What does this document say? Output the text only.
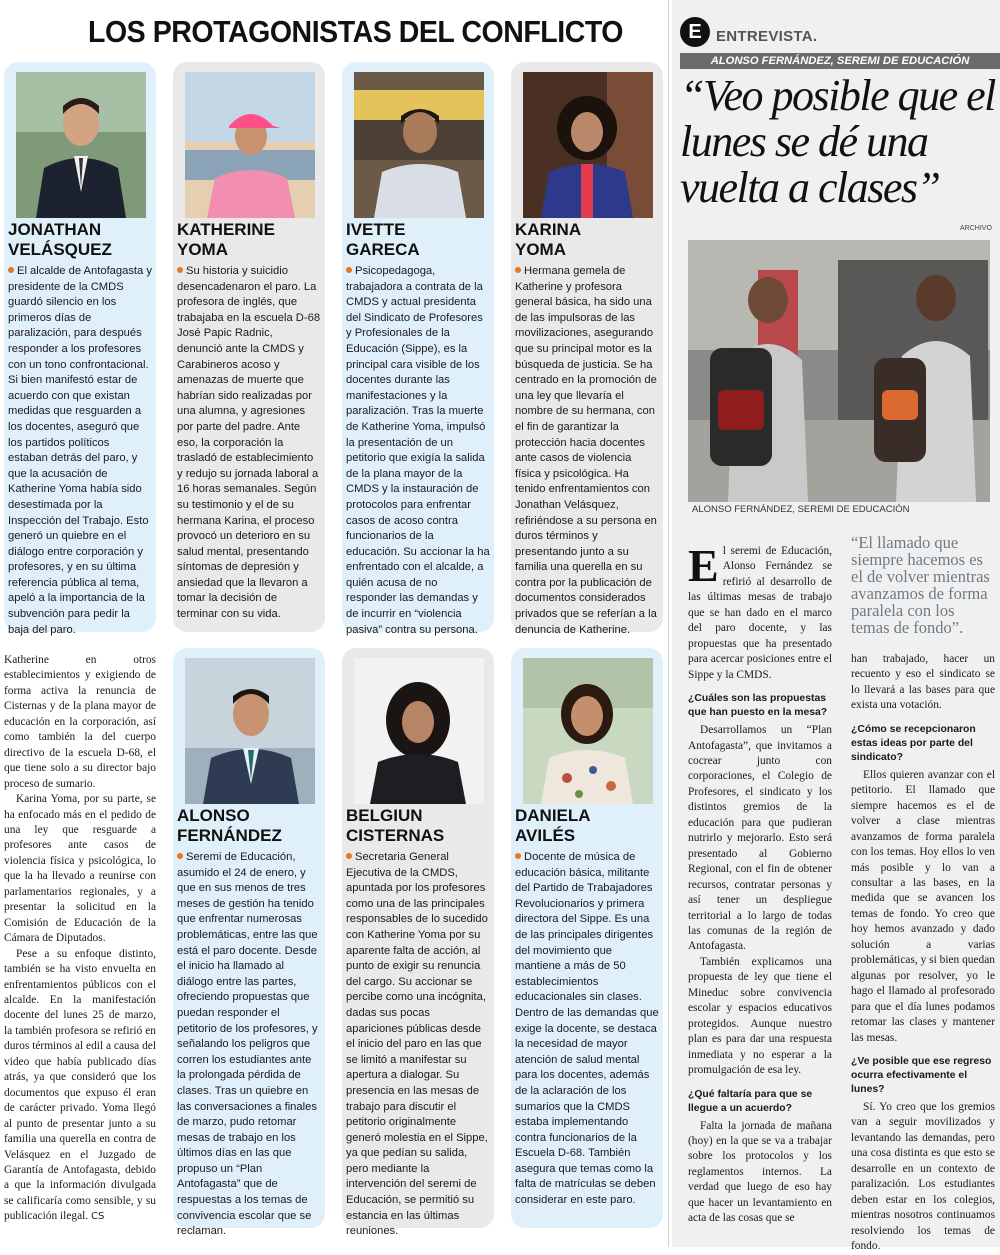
LOS PROTAGONISTAS DEL CONFLICTO
JONATHAN
VELÁSQUEZ
El alcalde de Antofagasta y presidente de la CMDS guardó silencio en los primeros días de paralización, para después responder a los profesores con un tono confrontacional. Si bien manifestó estar de acuerdo con que existan medidas que resguarden a los docentes, aseguró que los partidos políticos estaban detrás del paro, y que la acusación de Katherine Yoma había sido desestimada por la Inspección del Trabajo. Esto generó un quiebre en el diálogo entre corporación y profesores, y en su última referencia pública al tema, apeló a la importancia de la subvención para pedir la baja del paro.
KATHERINE
YOMA
Su historia y suicidio desencadenaron el paro. La profesora de inglés, que trabajaba en la escuela D-68 José Papic Radnic, denunció ante la CMDS y Carabineros acoso y amenazas de muerte que habrían sido realizadas por una alumna, y agresiones por parte del padre. Ante eso, la corporación la trasladó de establecimiento y redujo su jornada laboral a 16 horas semanales. Según su testimonio y el de su hermana Karina, el proceso provocó un deterioro en su salud mental, presentando síntomas de depresión y ansiedad que la llevaron a tomar la decisión de terminar con su vida.
IVETTE
GARECA
Psicopedagoga, trabajadora a contrata de la CMDS y actual presidenta del Sindicato de Profesores y Profesionales de la Educación (Sippe), es la principal cara visible de los docentes durante las manifestaciones y la paralización. Tras la muerte de Katherine Yoma, impulsó la presentación de un petitorio que exigía la salida de la plana mayor de la CMDS y la instauración de protocolos para enfrentar casos de acoso contra funcionarios de la educación. Su accionar la ha enfrentado con el alcalde, a quién acusa de no responder las demandas y de incurrir en “violencia pasiva” contra su persona.
KARINA
YOMA
Hermana gemela de Katherine y profesora general básica, ha sido una de las impulsoras de las movilizaciones, asegurando que su principal motor es la búsqueda de justicia. Se ha centrado en la promoción de una ley que llevaría el nombre de su hermana, con el fin de garantizar la protección hacia docentes ante casos de violencia física y psicológica. Ha tenido enfrentamientos con Jonathan Velásquez, refiriéndose a su persona en duros términos y presentando junto a su familia una querella en su contra por la publicación de documentos considerados privados que se referían a la denuncia de Katherine.

Katherine en otros establecimientos y exigiendo de forma activa la renuncia de Cisternas y de la plana mayor de educación en la corporación, así como también la del cuerpo directivo de la escuela D-68, el que tiene solo a su director bajo proceso de sumario.

Karina Yoma, por su parte, se ha enfocado más en el pedido de una ley que resguarde a profesores ante casos de violencia física y psicológica, lo que la ha llevado a reunirse con parlamentarios regionales, y a presentar la solicitud en la Comisión de Educación de la Cámara de Diputados.

Pese a su enfoque distinto, también se ha visto envuelta en enfrentamientos públicos con el alcalde. En la manifestación docente del lunes 25 de marzo, la también profesora se refirió en duros términos al edil a causa del video que había publicado días atrás, ya que consideró que los documentos que expuso él eran de carácter privado. Yoma llegó al punto de presentar junto a su familia una querella en contra de Velásquez en el Juzgado de Garantía de Antofagasta, debido a que la información divulgada se calificaría como sensible, y su publicación ilegal. CS

ALONSO
FERNÁNDEZ
Seremi de Educación, asumido el 24 de enero, y que en sus menos de tres meses de gestión ha tenido que enfrentar numerosas problemáticas, entre las que está el paro docente. Desde el inicio ha llamado al diálogo entre las partes, ofreciendo propuestas que puedan responder el petitorio de los profesores, y señalando los peligros que corren los estudiantes ante la prolongada pérdida de clases. Tras un quiebre en las conversaciones a finales de marzo, pudo retomar mesas de trabajo en los últimos días en las que propuso un “Plan Antofagasta” que de respuestas a los temas de convivencia escolar que se reclaman.
BELGIUN
CISTERNAS
Secretaria General Ejecutiva de la CMDS, apuntada por los profesores como una de las principales responsables de lo sucedido con Katherine Yoma por su aparente falta de acción, al punto de exigir su renuncia del cargo. Su accionar se percibe como una incógnita, dadas sus pocas apariciones públicas desde el inicio del paro en las que se limitó a manifestar su apertura a dialogar. Su presencia en las mesas de trabajo para discutir el petitorio originalmente generó molestia en el Sippe, ya que pedían su salida, pero mediante la intervención del seremi de Educación, se permitió su estancia en las últimas reuniones.
DANIELA
AVILÉS
Docente de música de educación básica, militante del Partido de Trabajadores Revolucionarios y primera directora del Sippe. Es una de las principales dirigentes del movimiento que mantiene a más de 50 establecimientos educacionales sin clases. Dentro de las demandas que exige la docente, se destaca la necesidad de mayor atención de salud mental para los docentes, además de la aclaración de los sumarios que la CMDS estaba implementando contra funcionarios de la Escuela D-68. También asegura que temas como la falta de matrículas se deben considerar en este paro.
E ENTREVISTA.
ALONSO FERNÁNDEZ, SEREMI DE EDUCACIÓN
“Veo posible que el lunes se dé una vuelta a clases”
ARCHIVO
ALONSO FERNÁNDEZ, SEREMI DE EDUCACIÓN
“El llamado que siempre hacemos es el de volver mientras avanzamos de forma paralela con los temas de fondo”.

El seremi de Educación, Alonso Fernández se refirió al desarrollo de las últimas mesas de trabajo que se han dado en el marco del paro docente, y las propuestas que ha presentado para acercar posiciones entre el Sippe y la CMDS.

¿Cuáles son las propuestas que han puesto en la mesa?

Desarrollamos un “Plan Antofagasta”, que invitamos a cocrear junto con corporaciones, el Colegio de Profesores, el sindicato y los distintos gremios de la educación para que pudieran nutrirlo y mejorarlo. Esto será presentado al Gobierno Regional, con el fin de obtener recursos, contratar personas y así tener un despliegue territorial a lo largo de todas las comunas de la región de Antofagasta.

También explicamos una propuesta de ley que tiene el Mineduc sobre convivencia escolar y espacios educativos protegidos. Aunque nuestro plan es para dar una respuesta inmediata y no esperar a la promulgación de esa ley.

¿Qué faltaría para que se llegue a un acuerdo?

Falta la jornada de mañana (hoy) en la que se va a trabajar sobre los protocolos y los reglamentos internos. La verdad que luego de eso hay que hacer un levantamiento en acta de las cosas que se

han trabajado, hacer un recuento y eso el sindicato se lo llevará a las bases para que exista una votación.

¿Cómo se recepcionaron estas ideas por parte del sindicato?

Ellos quieren avanzar con el petitorio. El llamado que siempre hacemos es el de volver a clase mientras avanzamos de forma paralela con los temas. Hoy ellos lo ven más posible y lo van a consultar a las bases, en la medida que se avancen los temas de fondo. Yo creo que hoy hemos avanzado y dado solución a varias problemáticas, y si bien quedan algunas por resolver, yo le hago el llamado al profesorado para que el día lunes podamos retomar las clases y mantener las mesas.

¿Ve posible que ese regreso ocurra efectivamente el lunes?

Sí. Yo creo que los gremios van a seguir movilizados y levantando las demandas, pero una cosa distinta es que esto se desarrolle en un contexto de paralización. Los estudiantes deben estar en los colegios, mientras nosotros continuamos resolviendo los temas de fondo.
